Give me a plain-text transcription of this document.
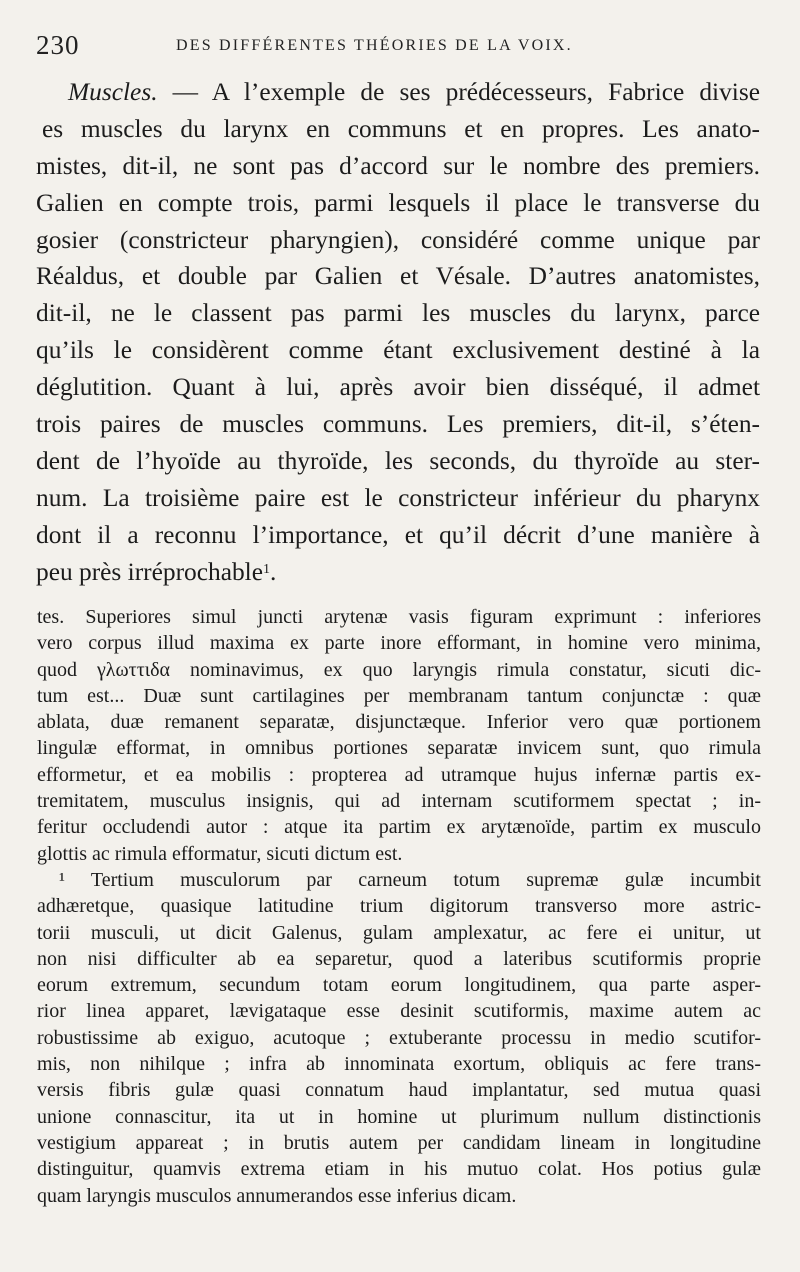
230	DES DIFFÉRENTES THÉORIES DE LA VOIX.
Muscles. — A l’exemple de ses prédécesseurs, Fabrice divise
es muscles du larynx en communs et en propres. Les anato-
mistes, dit-il, ne sont pas d’accord sur le nombre des premiers.
Galien en compte trois, parmi lesquels il place le transverse du
gosier (constricteur pharyngien), considéré comme unique par
Réaldus, et double par Galien et Vésale. D’autres anatomistes,
dit-il, ne le classent pas parmi les muscles du larynx, parce
qu’ils le considèrent comme étant exclusivement destiné à la
déglutition. Quant à lui, après avoir bien disséqué, il admet
trois paires de muscles communs. Les premiers, dit-il, s’éten-
dent de l’hyoïde au thyroïde, les seconds, du thyroïde au ster-
num. La troisième paire est le constricteur inférieur du pharynx
dont il a reconnu l’importance, et qu’il décrit d’une manière à
peu près irréprochable$^1$.
tes. Superiores simul juncti arytenæ vasis figuram exprimunt : inferiores
vero corpus illud maxima ex parte inore efformant, in homine vero minima,
quod γλωττιδα nominavimus, ex quo laryngis rimula constatur, sicuti dic-
tum est... Duæ sunt cartilagines per membranam tantum conjunctæ : quæ
ablata, duæ remanent separatæ, disjunctæque. Inferior vero quæ portionem
lingulæ efformat, in omnibus portiones separatæ invicem sunt, quo rimula
efformetur, et ea mobilis : propterea ad utramque hujus infernæ partis ex-
tremitatem, musculus insignis, qui ad internam scutiformem spectat ; in-
feritur occludendi autor : atque ita partim ex arytænoïde, partim ex musculo
glottis ac rimula efformatur, sicuti dictum est.
¹ Tertium musculorum par carneum totum supremæ gulæ incumbit
adhæretque, quasique latitudine trium digitorum transverso more astric-
torii musculi, ut dicit Galenus, gulam amplexatur, ac fere ei unitur, ut
non nisi difficulter ab ea separetur, quod a lateribus scutiformis proprie
eorum extremum, secundum totam eorum longitudinem, qua parte asper-
rior linea apparet, lævigataque esse desinit scutiformis, maxime autem ac
robustissime ab exiguo, acutoque ; extuberante processu in medio scutifor-
mis, non nihilque ; infra ab innominata exortum, obliquis ac fere trans-
versis fibris gulæ quasi connatum haud implantatur, sed mutua quasi
unione connascitur, ita ut in homine ut plurimum nullum distinctionis
vestigium appareat ; in brutis autem per candidam lineam in longitudine
distinguitur, quamvis extrema etiam in his mutuo colat. Hos potius gulæ
quam laryngis musculos annumerandos esse inferius dicam.
